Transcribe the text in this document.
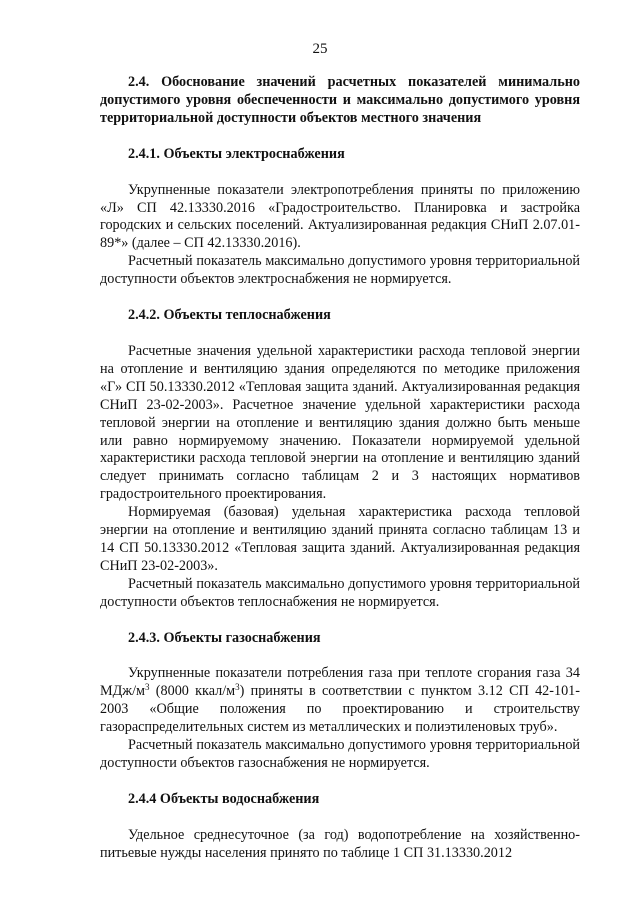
25
2.4. Обоснование значений расчетных показателей минимально допустимого уровня обеспеченности и максимально допустимого уровня территориальной доступности объектов местного значения
2.4.1. Объекты электроснабжения

Укрупненные показатели электропотребления приняты по приложению «Л» СП 42.13330.2016 «Градостроительство. Планировка и застройка городских и сельских поселений. Актуализированная редакция СНиП 2.07.01-89*» (далее – СП 42.13330.2016).

Расчетный показатель максимально допустимого уровня территориальной доступности объектов электроснабжения не нормируется.

2.4.2. Объекты теплоснабжения

Расчетные значения удельной характеристики расхода тепловой энергии на отопление и вентиляцию здания определяются по методике приложения «Г» СП 50.13330.2012 «Тепловая защита зданий. Актуализированная редакция СНиП 23-02-2003». Расчетное значение удельной характеристики расхода тепловой энергии на отопление и вентиляцию здания должно быть меньше или равно нормируемому значению. Показатели нормируемой удельной характеристики расхода тепловой энергии на отопление и вентиляцию зданий следует принимать согласно таблицам 2 и 3 настоящих нормативов градостроительного проектирования.

Нормируемая (базовая) удельная характеристика расхода тепловой энергии на отопление и вентиляцию зданий принята согласно таблицам 13 и 14 СП 50.13330.2012 «Тепловая защита зданий. Актуализированная редакция СНиП 23-02-2003».

Расчетный показатель максимально допустимого уровня территориальной доступности объектов теплоснабжения не нормируется.

2.4.3. Объекты газоснабжения

Укрупненные показатели потребления газа при теплоте сгорания газа 34 МДж/$м^3$ (8000 ккал/$м^3$) приняты в соответствии с пунктом 3.12 СП 42-101-2003 «Общие положения по проектированию и строительству газораспределительных систем из металлических и полиэтиленовых труб».

Расчетный показатель максимально допустимого уровня территориальной доступности объектов газоснабжения не нормируется.

2.4.4 Объекты водоснабжения

Удельное среднесуточное (за год) водопотребление на хозяйственно-питьевые нужды населения принято по таблице 1 СП 31.13330.2012
